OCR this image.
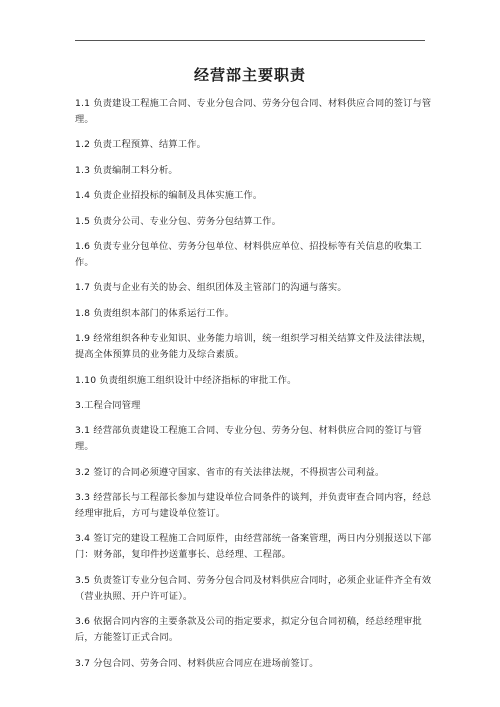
经营部主要职责

1.1 负责建设工程施工合同、专业分包合同、劳务分包合同、材料供应合同的签订与管理。

1.2 负责工程预算、结算工作。

1.3 负责编制工料分析。

1.4 负责企业招投标的编制及具体实施工作。

1.5 负责分公司、专业分包、劳务分包结算工作。

1.6 负责专业分包单位、劳务分包单位、材料供应单位、招投标等有关信息的收集工作。

1.7 负责与企业有关的协会、组织团体及主管部门的沟通与落实。

1.8 负责组织本部门的体系运行工作。

1.9 经常组织各种专业知识、业务能力培训，统一组织学习相关结算文件及法律法规，提高全体预算员的业务能力及综合素质。

1.10 负责组织施工组织设计中经济指标的审批工作。

3.工程合同管理

3.1 经营部负责建设工程施工合同、专业分包、劳务分包、材料供应合同的签订与管理。

3.2 签订的合同必须遵守国家、省市的有关法律法规，不得损害公司利益。

3.3 经营部长与工程部长参加与建设单位合同条件的谈判，并负责审查合同内容，经总经理审批后，方可与建设单位签订。

3.4 签订完的建设工程施工合同原件，由经营部统一备案管理，两日内分别报送以下部门：财务部，复印件抄送董事长、总经理、工程部。

3.5 负责签订专业分包合同、劳务分包合同及材料供应合同时，必须企业证件齐全有效（营业执照、开户许可证）。

3.6 依据合同内容的主要条款及公司的指定要求，拟定分包合同初稿，经总经理审批后，方能签订正式合同。

3.7 分包合同、劳务合同、材料供应合同应在进场前签订。
